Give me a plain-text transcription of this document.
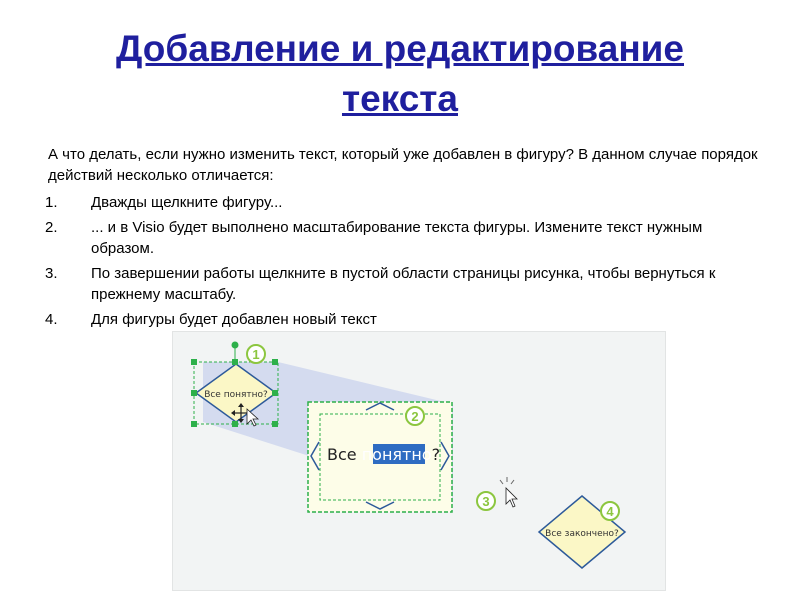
Добавление и редактирование
текста
А что делать, если нужно изменить текст, который уже добавлен в фигуру? В данном случае порядок действий несколько отличается:
1. Дважды щелкните фигуру...
2. ... и в Visio будет выполнено масштабирование текста фигуры. Измените текст нужным образом.
3. По завершении работы щелкните в пустой области страницы рисунка, чтобы вернуться к прежнему масштабу.
4. Для фигуры будет добавлен новый текст
Все понятно?
1
Все понятно?
2
3
Все закончено?
4
